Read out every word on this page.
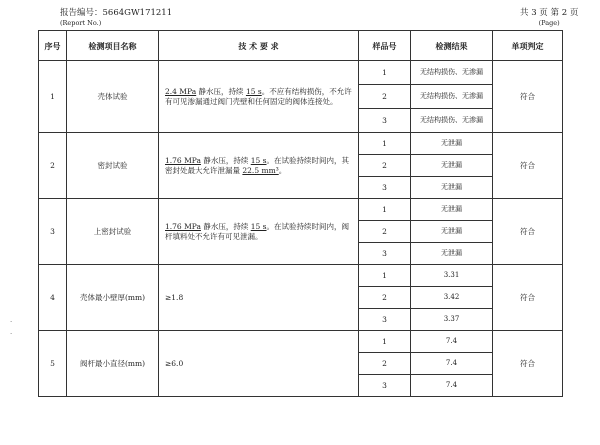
报告编号：5664GW171211
(Report No.)
共 3 页 第 2 页
(Page)
·
·
序号	检测项目名称	技 术 要 求	样品号	检测结果	单项判定
1	壳体试验	2.4 MPa 静水压，持续 15 s。不应有结构损伤，不允许有可见渗漏通过阀门壳壁和任何固定的阀体连接处。	1	无结构损伤、无渗漏	符合
			2	无结构损伤、无渗漏	
			3	无结构损伤、无渗漏	
2	密封试验	1.76 MPa 静水压，持续 15 s。在试验持续时间内，其密封处最大允许泄漏量 22.5 mm³。	1	无泄漏	符合
			2	无泄漏	
			3	无泄漏	
3	上密封试验	1.76 MPa 静水压，持续 15 s。在试验持续时间内，阀杆填料处不允许有可见泄漏。	1	无泄漏	符合
			2	无泄漏	
			3	无泄漏	
4	壳体最小壁厚(mm)	≥1.8	1	3.31	符合
			2	3.42	
			3	3.37	
5	阀杆最小直径(mm)	≥6.0	1	7.4	符合
			2	7.4	
			3	7.4	
